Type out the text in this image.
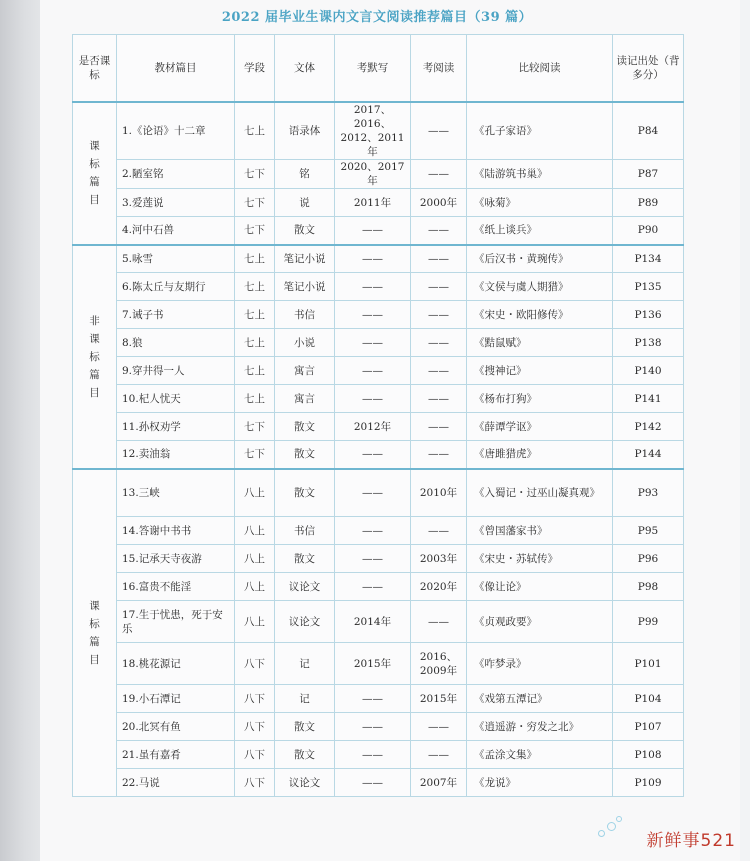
2022 届毕业生课内文言文阅读推荐篇目（39 篇）
是否课标	教材篇目	学段	文体	考默写	考阅读	比较阅读	读记出处（背多分）

课
标
篇
目	1.《论语》十二章	七上	语录体	2017、2016、2012、2011年	——	《孔子家语》	P84
	2.陋室铭	七下	铭	2020、2017年	——	《陆游筑书巢》	P87
	3.爱莲说	七下	说	2011年	2000年	《咏菊》	P89
	4.河中石兽	七下	散文	——	——	《纸上谈兵》	P90

非
课
标
篇
目	5.咏雪	七上	笔记小说	——	——	《后汉书・黄琬传》	P134
	6.陈太丘与友期行	七上	笔记小说	——	——	《文侯与虞人期猎》	P135
	7.诫子书	七上	书信	——	——	《宋史・欧阳修传》	P136
	8.狼	七上	小说	——	——	《黠鼠赋》	P138
	9.穿井得一人	七上	寓言	——	——	《搜神记》	P140
	10.杞人忧天	七上	寓言	——	——	《杨布打狗》	P141
	11.孙权劝学	七下	散文	2012年	——	《薛谭学讴》	P142
	12.卖油翁	七下	散文	——	——	《唐雎猎虎》	P144

课
标
篇
目	13.三峡	八上	散文	——	2010年	《入蜀记・过巫山凝真观》	P93
	14.答谢中书书	八上	书信	——	——	《曾国藩家书》	P95
	15.记承天寺夜游	八上	散文	——	2003年	《宋史・苏轼传》	P96
	16.富贵不能淫	八上	议论文	——	2020年	《像让论》	P98
	17.生于忧患，死于安乐	八上	议论文	2014年	——	《贞观政要》	P99
	18.桃花源记	八下	记	2015年	2016、2009年	《咋梦录》	P101
	19.小石潭记	八下	记	——	2015年	《戏第五潭记》	P104
	20.北冥有鱼	八下	散文	——	——	《逍遥游・穷发之北》	P107
	21.虽有嘉肴	八下	散文	——	——	《孟涂文集》	P108
	22.马说	八下	议论文	——	2007年	《龙说》	P109
新鲜事521
